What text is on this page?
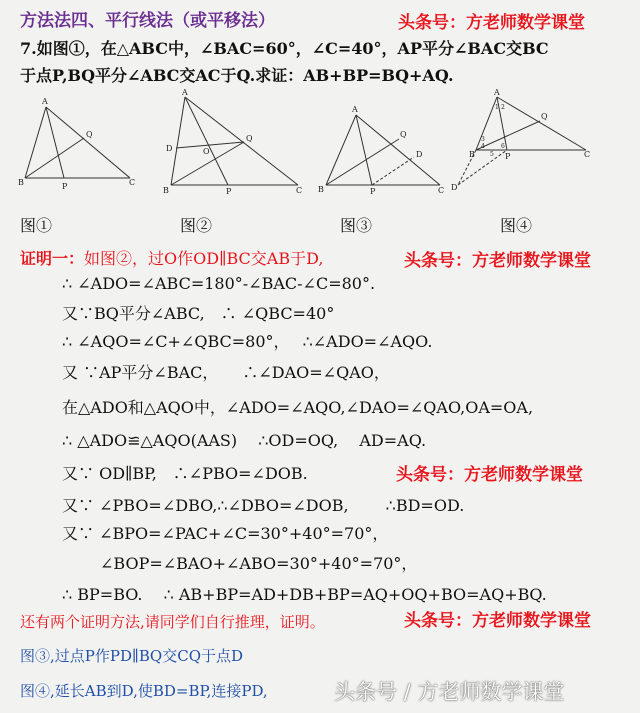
方法法四、平行线法（或平移法）	头条号：方老师数学课堂
7.如图①，在△ABC中，∠BAC=60°，∠C=40°，AP平分∠BAC交BC
于点P,BQ平分∠ABC交AC于Q.求证：AB+BP=BQ+AQ.
A
B	C
P
Q
A
B	C
P
Q
D	O
A
B	C
P
Q
D
A
B	C
P
Q
D
1 2
3
4
5
6
图①	图②	图③	图④
证明一：如图②，过O作OD∥BC交AB于D,	头条号：方老师数学课堂
∴ ∠ADO=∠ABC=180°-∠BAC-∠C=80°.
又∵BQ平分∠ABC,　∴ ∠QBC=40°
∴ ∠AQO=∠C+∠QBC=80°，　 ∴∠ADO=∠AQO.
又 ∵AP平分∠BAC，　　∴∠DAO=∠QAO，
在△ADO和△AQO中，∠ADO=∠AQO,∠DAO=∠QAO,OA=OA,
∴ △ADO≌△AQO(AAS)　 ∴OD=OQ,　 AD=AQ.
又∵ OD∥BP,　∴∠PBO=∠DOB.	头条号：方老师数学课堂
又∵ ∠PBO=∠DBO,∴∠DBO=∠DOB,　　 ∴BD=OD.
又∵ ∠BPO=∠PAC+∠C=30°+40°=70°，
∠BOP=∠BAO+∠ABO=30°+40°=70°，
∴ BP=BO.　 ∴ AB+BP=AD+DB+BP=AQ+OQ+BO=AQ+BQ.
还有两个证明方法,请同学们自行推理，证明。	头条号：方老师数学课堂
图③,过点P作PD∥BQ交CQ于点D
图④,延长AB到D,使BD=BP,连接PD,	头条号 / 方老师数学课堂
